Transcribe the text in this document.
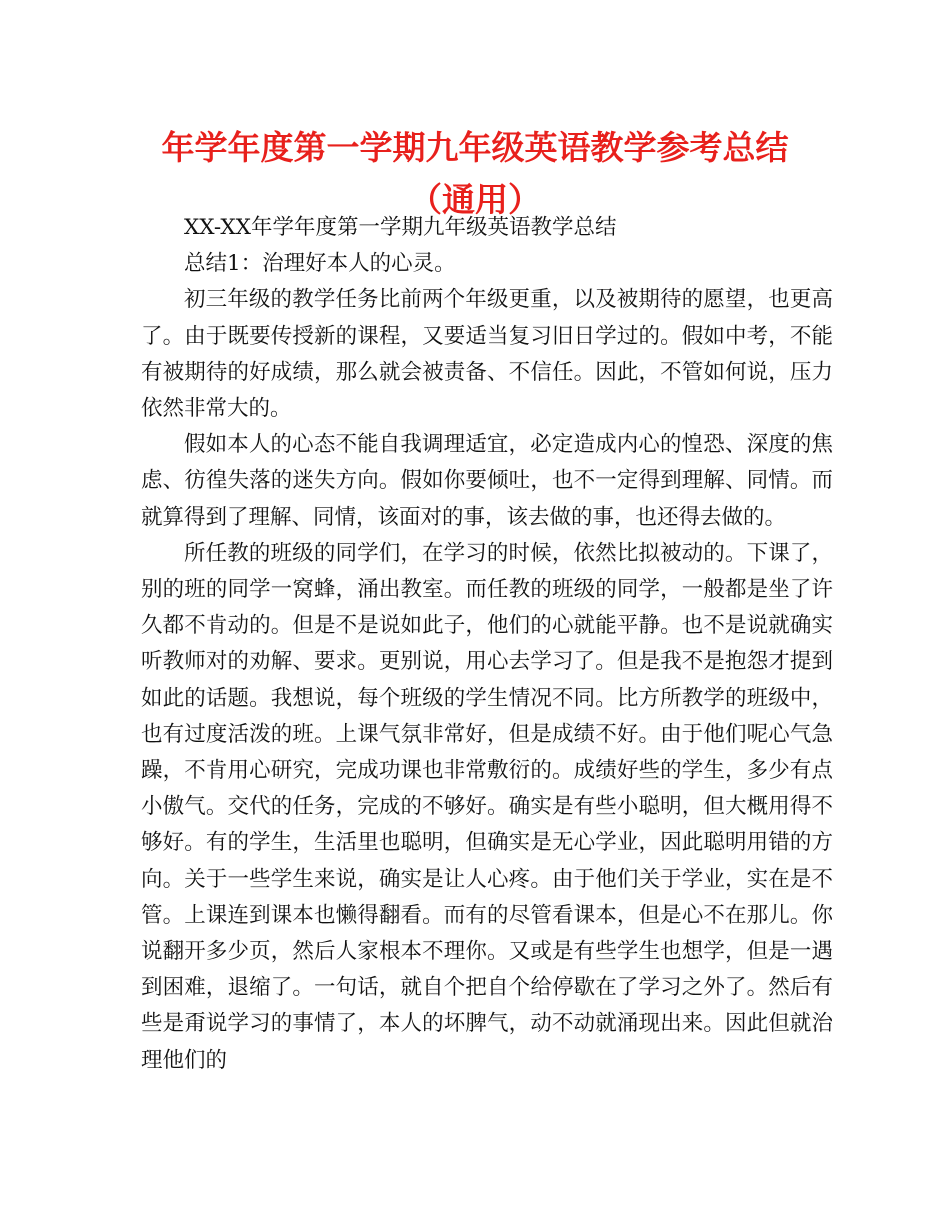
年学年度第一学期九年级英语教学参考总结（通用）

XX-XX年学年度第一学期九年级英语教学总结

总结1：治理好本人的心灵。

初三年级的教学任务比前两个年级更重，以及被期待的愿望，也更高了。由于既要传授新的课程，又要适当复习旧日学过的。假如中考，不能有被期待的好成绩，那么就会被责备、不信任。因此，不管如何说，压力依然非常大的。

假如本人的心态不能自我调理适宜，必定造成内心的惶恐、深度的焦虑、彷徨失落的迷失方向。假如你要倾吐，也不一定得到理解、同情。而就算得到了理解、同情，该面对的事，该去做的事，也还得去做的。

所任教的班级的同学们，在学习的时候，依然比拟被动的。下课了，别的班的同学一窝蜂，涌出教室。而任教的班级的同学，一般都是坐了许久都不肯动的。但是不是说如此子，他们的心就能平静。也不是说就确实听教师对的劝解、要求。更别说，用心去学习了。但是我不是抱怨才提到如此的话题。我想说，每个班级的学生情况不同。比方所教学的班级中，也有过度活泼的班。上课气氛非常好，但是成绩不好。由于他们呢心气急躁，不肯用心研究，完成功课也非常敷衍的。成绩好些的学生，多少有点小傲气。交代的任务，完成的不够好。确实是有些小聪明，但大概用得不够好。有的学生，生活里也聪明，但确实是无心学业，因此聪明用错的方向。关于一些学生来说，确实是让人心疼。由于他们关于学业，实在是不管。上课连到课本也懒得翻看。而有的尽管看课本，但是心不在那儿。你说翻开多少页，然后人家根本不理你。又或是有些学生也想学，但是一遇到困难，退缩了。一句话，就自个把自个给停歇在了学习之外了。然后有些是甭说学习的事情了，本人的坏脾气，动不动就涌现出来。因此但就治理他们的
